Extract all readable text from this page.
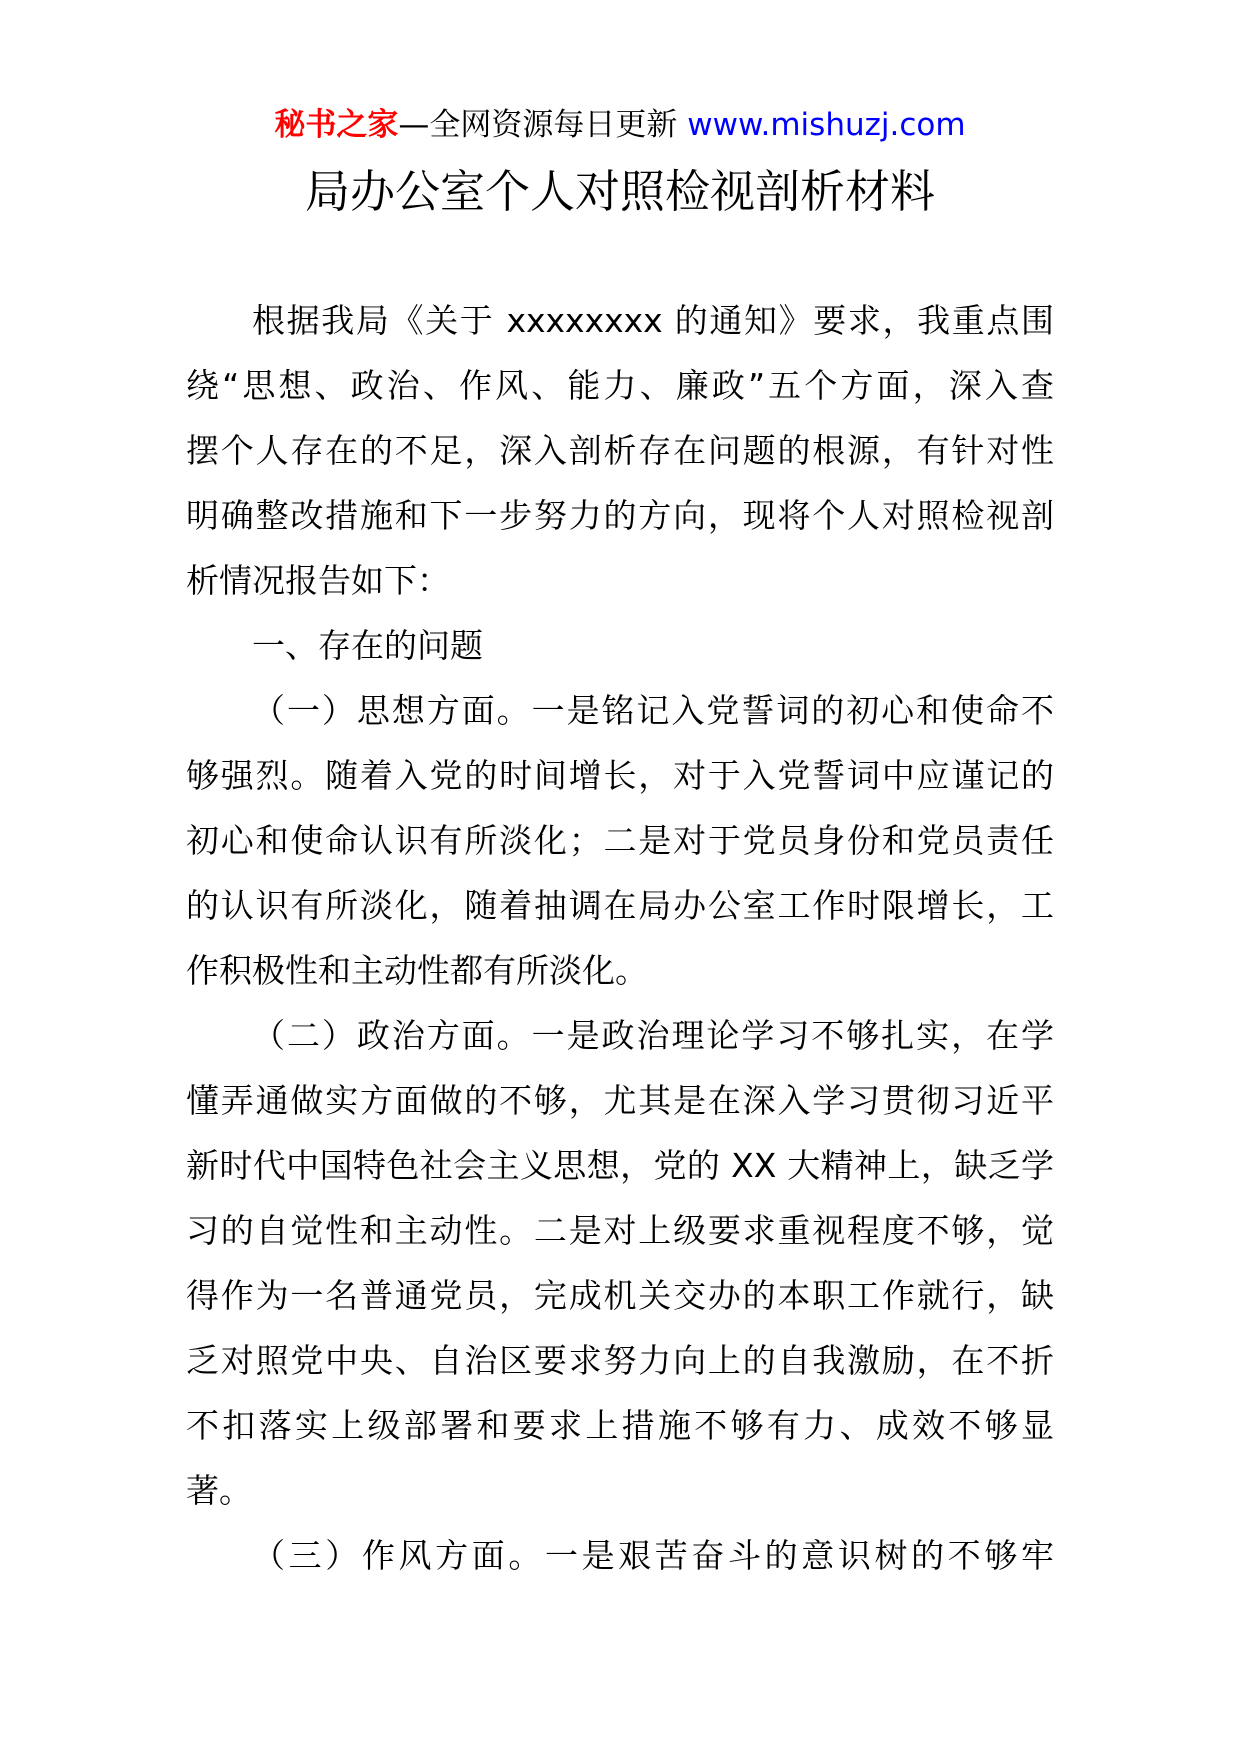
秘书之家—全网资源每日更新 www.mishuzj.com
局办公室个人对照检视剖析材料
根据我局《关于 xxxxxxxx 的通知》要求，我重点围
绕“思想、政治、作风、能力、廉政”五个方面，深入查
摆个人存在的不足，深入剖析存在问题的根源，有针对性
明确整改措施和下一步努力的方向，现将个人对照检视剖
析情况报告如下：
一、存在的问题
（一）思想方面。一是铭记入党誓词的初心和使命不
够强烈。随着入党的时间增长，对于入党誓词中应谨记的
初心和使命认识有所淡化；二是对于党员身份和党员责任
的认识有所淡化，随着抽调在局办公室工作时限增长，工
作积极性和主动性都有所淡化。
（二）政治方面。一是政治理论学习不够扎实，在学
懂弄通做实方面做的不够，尤其是在深入学习贯彻习近平
新时代中国特色社会主义思想，党的 XX 大精神上，缺乏学
习的自觉性和主动性。二是对上级要求重视程度不够，觉
得作为一名普通党员，完成机关交办的本职工作就行，缺
乏对照党中央、自治区要求努力向上的自我激励，在不折
不扣落实上级部署和要求上措施不够有力、成效不够显
著。
（三）作风方面。一是艰苦奋斗的意识树的不够牢
